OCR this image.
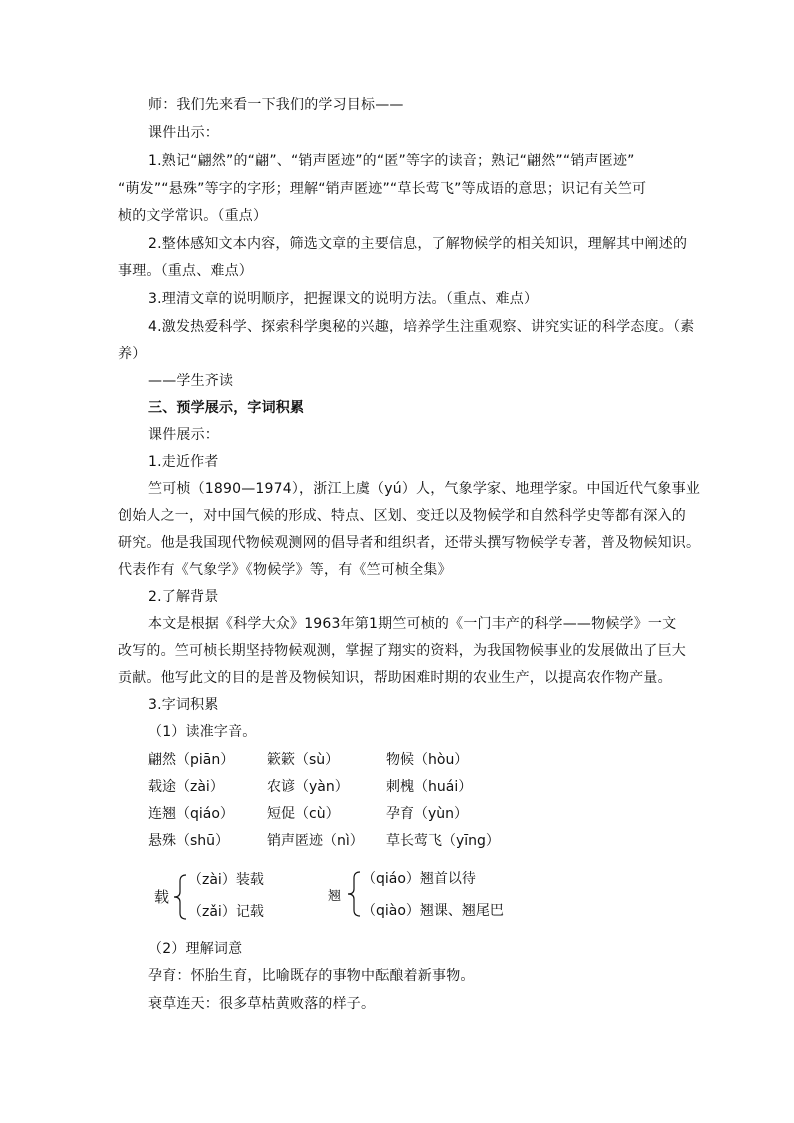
师：我们先来看一下我们的学习目标——
课件出示：
1.熟记“翩然”的“翩”、“销声匿迹”的“匿”等字的读音；熟记“翩然”“销声匿迹”
“萌发”“悬殊”等字的字形；理解“销声匿迹”“草长莺飞”等成语的意思；识记有关竺可
桢的文学常识。（重点）
2.整体感知文本内容，筛选文章的主要信息，了解物候学的相关知识，理解其中阐述的
事理。（重点、难点）
3.理清文章的说明顺序，把握课文的说明方法。（重点、难点）
4.激发热爱科学、探索科学奥秘的兴趣，培养学生注重观察、讲究实证的科学态度。（素
养）
——学生齐读
三、预学展示，字词积累
课件展示：
1.走近作者
竺可桢（1890—1974），浙江上虞（yú）人，气象学家、地理学家。中国近代气象事业
创始人之一，对中国气候的形成、特点、区划、变迁以及物候学和自然科学史等都有深入的
研究。他是我国现代物候观测网的倡导者和组织者，还带头撰写物候学专著，普及物候知识。
代表作有《气象学》《物候学》等，有《竺可桢全集》
2.了解背景
本文是根据《科学大众》1963年第1期竺可桢的《一门丰产的科学——物候学》一文
改写的。竺可桢长期坚持物候观测，掌握了翔实的资料，为我国物候事业的发展做出了巨大
贡献。他写此文的目的是普及物候知识，帮助困难时期的农业生产，以提高农作物产量。
3.字词积累
（1）读准字音。
翩然（piān） 簌簌（sù）	物候（hòu）
载途（zài）	农谚（yàn）	刺槐（huái）
连翘（qiáo） 短促（cù）	孕育（yùn）
悬殊（shū）	销声匿迹（nì） 草长莺飞（yīng）
载
（zài）装载
（zǎi）记载
翘
（qiáo）翘首以待
（qiào）翘课、翘尾巴
（2）理解词意
孕育：怀胎生育，比喻既存的事物中酝酿着新事物。
衰草连天：很多草枯黄败落的样子。
